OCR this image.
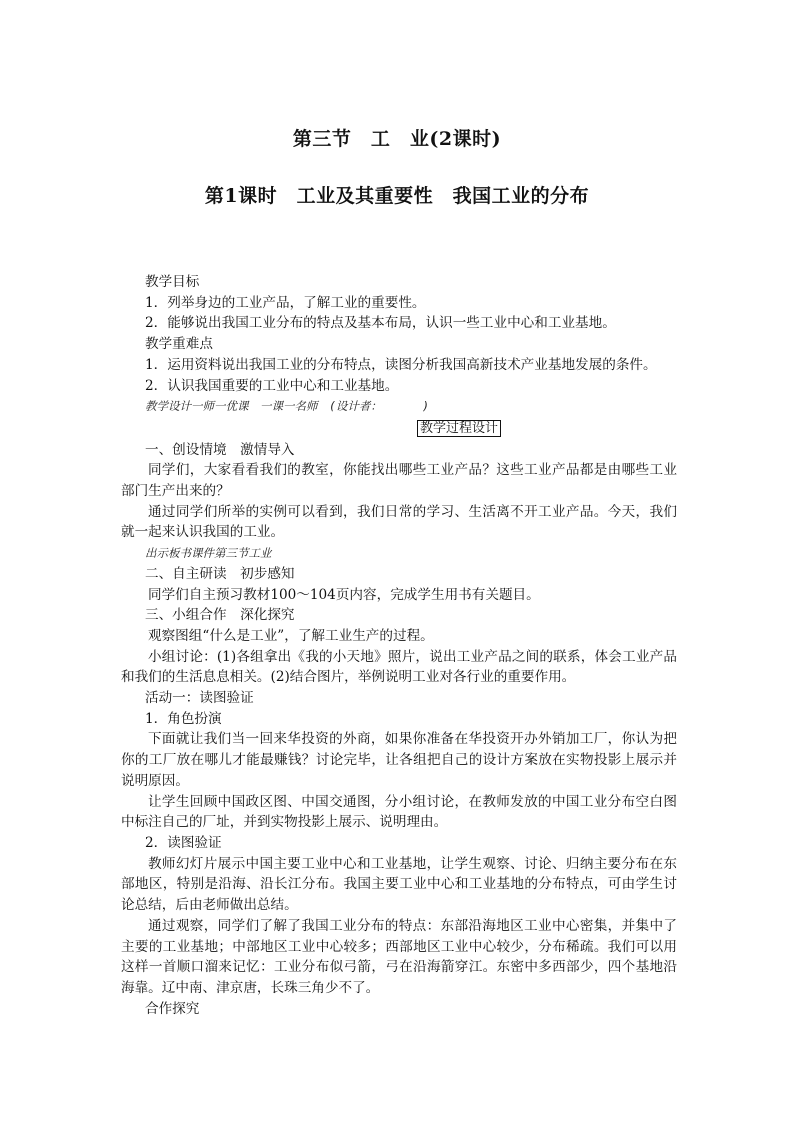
第三节　工　业(2课时)
第1课时　工业及其重要性　我国工业的分布
教学目标
1．列举身边的工业产品，了解工业的重要性。
2．能够说出我国工业分布的特点及基本布局，认识一些工业中心和工业基地。
教学重难点
1．运用资料说出我国工业的分布特点，读图分析我国高新技术产业基地发展的条件。
2．认识我国重要的工业中心和工业基地。
教学设计一师一优课　一课一名师　(设计者：　　　　)
教学过程设计
一、创设情境　激情导入
同学们，大家看看我们的教室，你能找出哪些工业产品？这些工业产品都是由哪些工业部门生产出来的？
通过同学们所举的实例可以看到，我们日常的学习、生活离不开工业产品。今天，我们就一起来认识我国的工业。
出示板书课件第三节工业
二、自主研读　初步感知
同学们自主预习教材100～104页内容，完成学生用书有关题目。
三、小组合作　深化探究
观察图组“什么是工业”，了解工业生产的过程。
小组讨论：(1)各组拿出《我的小天地》照片，说出工业产品之间的联系，体会工业产品和我们的生活息息相关。(2)结合图片，举例说明工业对各行业的重要作用。
活动一：读图验证
1．角色扮演
下面就让我们当一回来华投资的外商，如果你准备在华投资开办外销加工厂，你认为把你的工厂放在哪儿才能最赚钱？讨论完毕，让各组把自己的设计方案放在实物投影上展示并说明原因。
让学生回顾中国政区图、中国交通图，分小组讨论，在教师发放的中国工业分布空白图中标注自己的厂址，并到实物投影上展示、说明理由。
2．读图验证
教师幻灯片展示中国主要工业中心和工业基地，让学生观察、讨论、归纳主要分布在东部地区，特别是沿海、沿长江分布。我国主要工业中心和工业基地的分布特点，可由学生讨论总结，后由老师做出总结。
通过观察，同学们了解了我国工业分布的特点：东部沿海地区工业中心密集，并集中了主要的工业基地；中部地区工业中心较多；西部地区工业中心较少，分布稀疏。我们可以用这样一首顺口溜来记忆：工业分布似弓箭，弓在沿海箭穿江。东密中多西部少，四个基地沿海靠。辽中南、津京唐，长珠三角少不了。
合作探究
